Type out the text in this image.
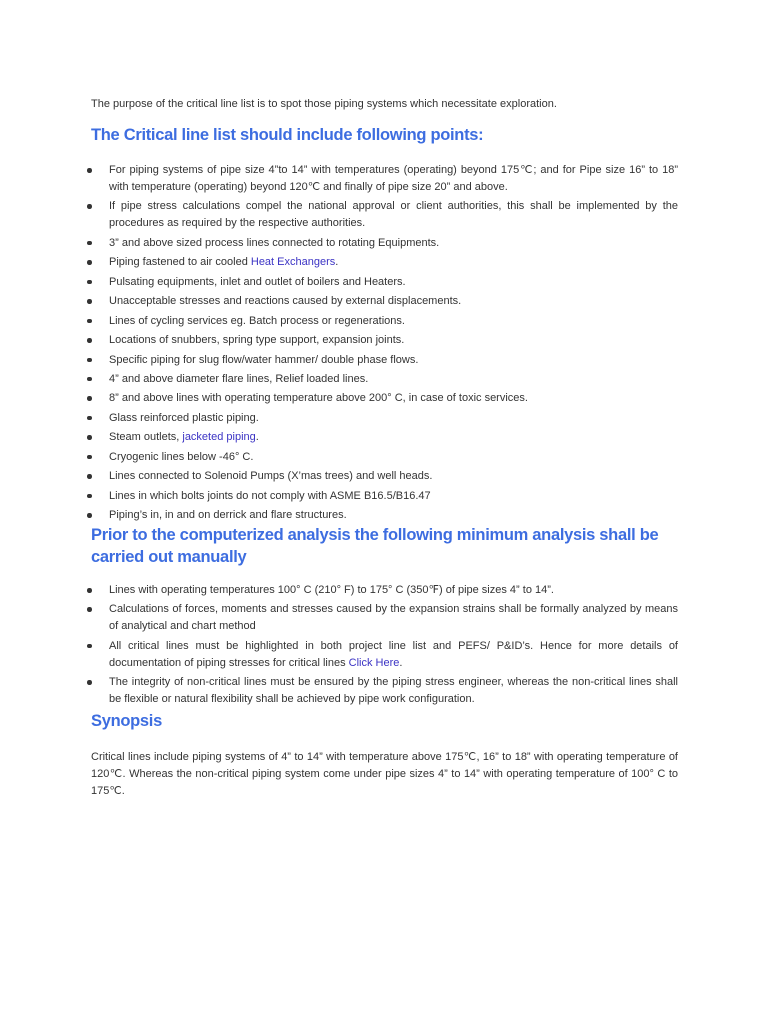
The purpose of the critical line list is to spot those piping systems which necessitate exploration.

The Critical line list should include following points:
For piping systems of pipe size 4”to 14” with temperatures (operating) beyond 175℃; and for Pipe size 16” to 18” with temperature (operating) beyond 120℃ and finally of pipe size 20” and above.
If pipe stress calculations compel the national approval or client authorities, this shall be implemented by the procedures as required by the respective authorities.
3” and above sized process lines connected to rotating Equipments.
Piping fastened to air cooled Heat Exchangers.
Pulsating equipments, inlet and outlet of boilers and Heaters.
Unacceptable stresses and reactions caused by external displacements.
Lines of cycling services eg. Batch process or regenerations.
Locations of snubbers, spring type support, expansion joints.
Specific piping for slug flow/water hammer/ double phase flows.
4” and above diameter flare lines, Relief loaded lines.
8” and above lines with operating temperature above 200° C, in case of toxic services.
Glass reinforced plastic piping.
Steam outlets, jacketed piping.
Cryogenic lines below -46° C.
Lines connected to Solenoid Pumps (X’mas trees) and well heads.
Lines in which bolts joints do not comply with ASME B16.5/B16.47
Piping’s in, in and on derrick and flare structures.
Prior to the computerized analysis the following minimum analysis shall be carried out manually
Lines with operating temperatures 100° C (210° F) to 175° C (350℉) of pipe sizes 4” to 14”.
Calculations of forces, moments and stresses caused by the expansion strains shall be formally analyzed by means of analytical and chart method
All critical lines must be highlighted in both project line list and PEFS/ P&ID’s. Hence for more details of documentation of piping stresses for critical lines Click Here.
The integrity of non-critical lines must be ensured by the piping stress engineer, whereas the non-critical lines shall be flexible or natural flexibility shall be achieved by pipe work configuration.
Synopsis

Critical lines include piping systems of 4” to 14” with temperature above 175℃, 16” to 18” with operating temperature of 120℃. Whereas the non-critical piping system come under pipe sizes 4” to 14” with operating temperature of 100° C to 175℃.
